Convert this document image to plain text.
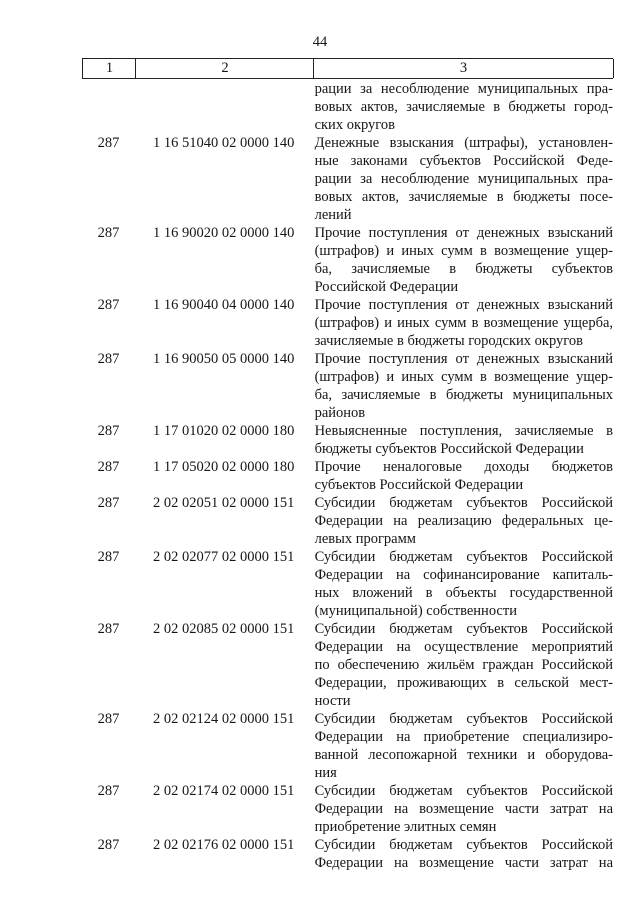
44
1	2	3
рации за несоблюдение муниципальных пра-
вовых актов, зачисляемые в бюджеты город-
ских округов
287	1 16 51040 02 0000 140	Денежные взыскания (штрафы), установлен-
ные законами субъектов Российской Феде-
рации за несоблюдение муниципальных пра-
вовых актов, зачисляемые в бюджеты посе-
лений
287	1 16 90020 02 0000 140	Прочие поступления от денежных взысканий
(штрафов) и иных сумм в возмещение ущер-
ба, зачисляемые в бюджеты субъектов
Российской Федерации
287	1 16 90040 04 0000 140	Прочие поступления от денежных взысканий
(штрафов) и иных сумм в возмещение ущерба,
зачисляемые в бюджеты городских округов
287	1 16 90050 05 0000 140	Прочие поступления от денежных взысканий
(штрафов) и иных сумм в возмещение ущер-
ба, зачисляемые в бюджеты муниципальных
районов
287	1 17 01020 02 0000 180	Невыясненные поступления, зачисляемые в
бюджеты субъектов Российской Федерации
287	1 17 05020 02 0000 180	Прочие неналоговые доходы бюджетов
субъектов Российской Федерации
287	2 02 02051 02 0000 151	Субсидии бюджетам субъектов Российской
Федерации на реализацию федеральных це-
левых программ
287	2 02 02077 02 0000 151	Субсидии бюджетам субъектов Российской
Федерации на софинансирование капиталь-
ных вложений в объекты государственной
(муниципальной) собственности
287	2 02 02085 02 0000 151	Субсидии бюджетам субъектов Российской
Федерации на осуществление мероприятий
по обеспечению жильём граждан Российской
Федерации, проживающих в сельской мест-
ности
287	2 02 02124 02 0000 151	Субсидии бюджетам субъектов Российской
Федерации на приобретение специализиро-
ванной лесопожарной техники и оборудова-
ния
287	2 02 02174 02 0000 151	Субсидии бюджетам субъектов Российской
Федерации на возмещение части затрат на
приобретение элитных семян
287	2 02 02176 02 0000 151	Субсидии бюджетам субъектов Российской
Федерации на возмещение части затрат на
